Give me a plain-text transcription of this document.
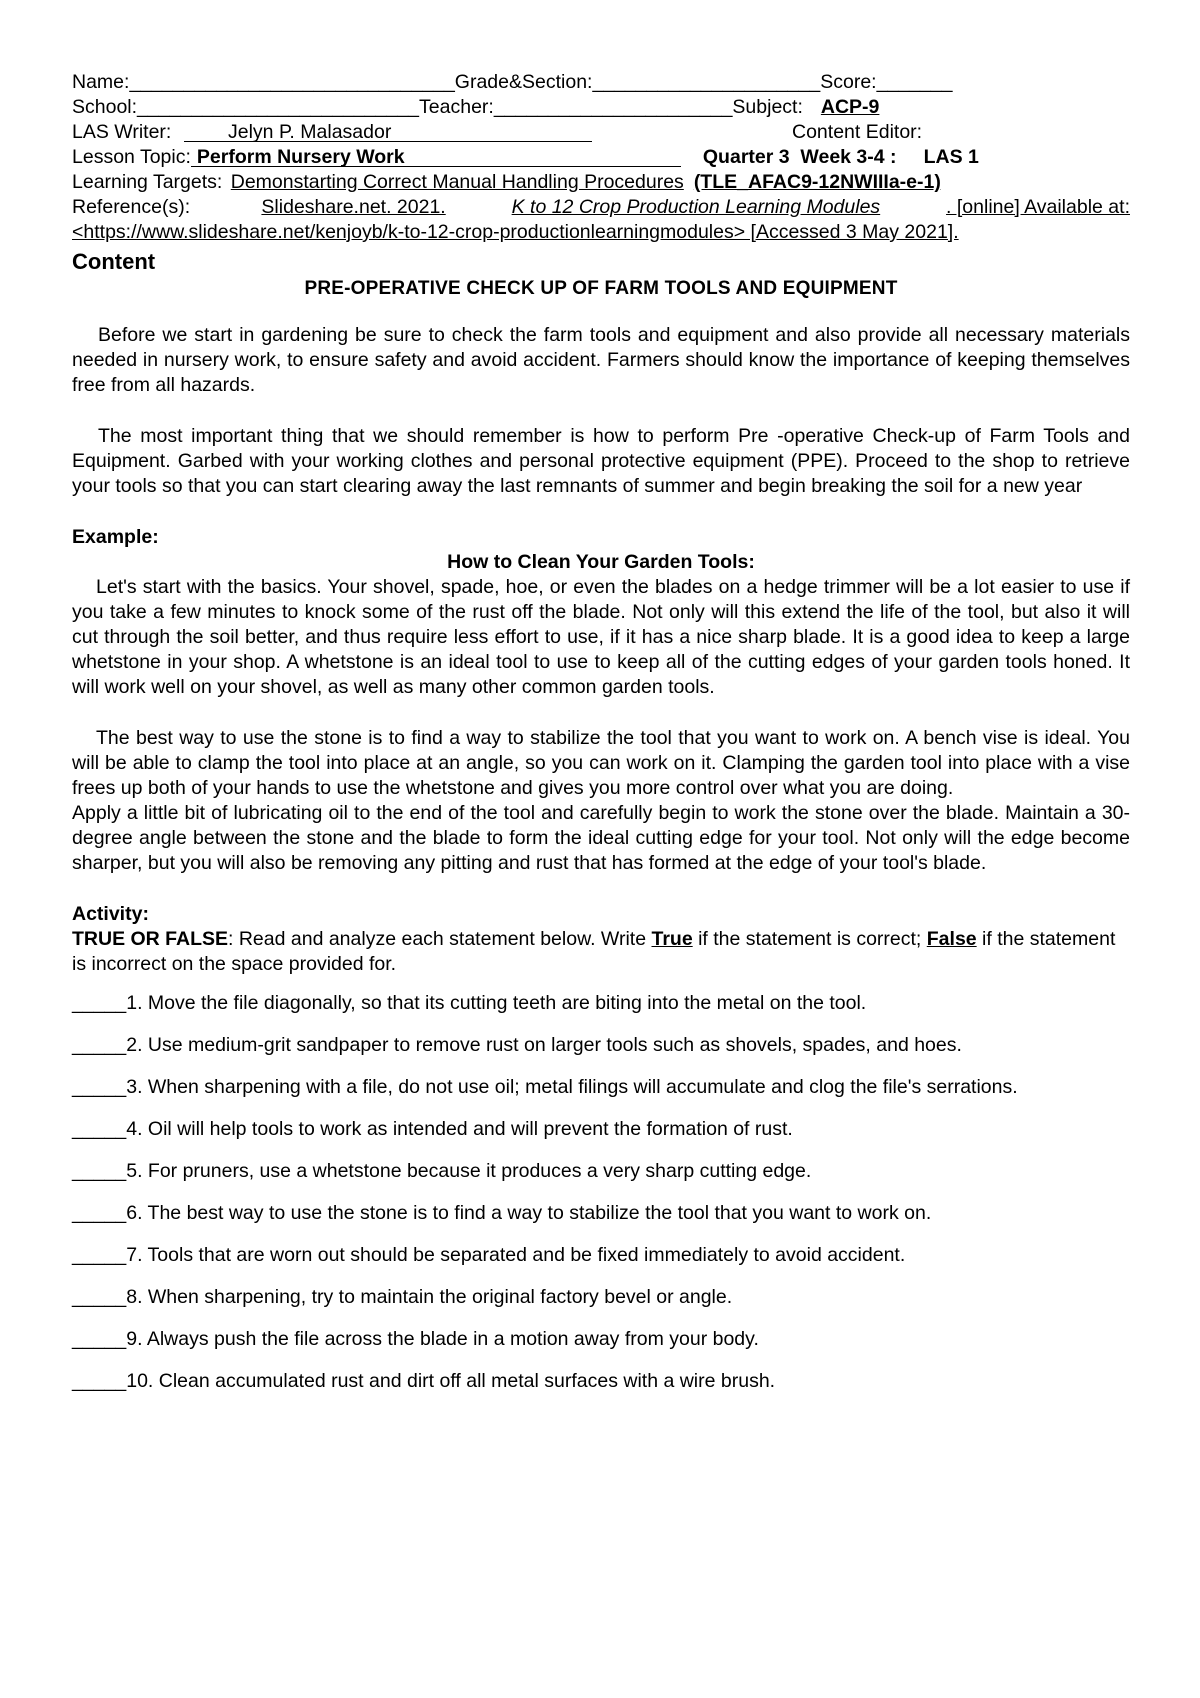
Name: ______________________________ Grade&Section: _____________________ Score: _______
School: __________________________ Teacher: ______________________ Subject: ACP-9
LAS Writer:	Jelyn P. Malasador	Content Editor:
Lesson Topic: Perform Nursery Work	Quarter 3  Week 3-4 :     LAS 1
Learning Targets: Demonstarting Correct Manual Handling Procedures (TLE_AFAC9-12NWIIIa-e-1)
Reference(s):	Slideshare.net. 2021.	K to 12 Crop Production Learning Modules	. [online] Available at:
<https://www.slideshare.net/kenjoyb/k-to-12-crop-productionlearningmodules> [Accessed 3 May 2021].
Content
PRE-OPERATIVE CHECK UP OF FARM TOOLS AND EQUIPMENT
Before we start in gardening be sure to check the farm tools and equipment and also provide all necessary materials needed in nursery work, to ensure safety and avoid accident. Farmers should know the importance of keeping themselves free from all hazards.
The most important thing that we should remember is how to perform Pre -operative Check-up of Farm Tools and Equipment. Garbed with your working clothes and personal protective equipment (PPE). Proceed to the shop to retrieve your tools so that you can start clearing away the last remnants of summer and begin breaking the soil for a new year
Example:
How to Clean Your Garden Tools:
Let's start with the basics. Your shovel, spade, hoe, or even the blades on a hedge trimmer will be a lot easier to use if you take a few minutes to knock some of the rust off the blade. Not only will this extend the life of the tool, but also it will cut through the soil better, and thus require less effort to use, if it has a nice sharp blade. It is a good idea to keep a large whetstone in your shop. A whetstone is an ideal tool to use to keep all of the cutting edges of your garden tools honed. It will work well on your shovel, as well as many other common garden tools.
The best way to use the stone is to find a way to stabilize the tool that you want to work on. A bench vise is ideal. You will be able to clamp the tool into place at an angle, so you can work on it. Clamping the garden tool into place with a vise frees up both of your hands to use the whetstone and gives you more control over what you are doing.
Apply a little bit of lubricating oil to the end of the tool and carefully begin to work the stone over the blade. Maintain a 30-degree angle between the stone and the blade to form the ideal cutting edge for your tool. Not only will the edge become sharper, but you will also be removing any pitting and rust that has formed at the edge of your tool's blade.
Activity:
TRUE OR FALSE: Read and analyze each statement below. Write True if the statement is correct; False if the statement is incorrect on the space provided for.
_____1. Move the file diagonally, so that its cutting teeth are biting into the metal on the tool.
_____2. Use medium-grit sandpaper to remove rust on larger tools such as shovels, spades, and hoes.
_____3. When sharpening with a file, do not use oil; metal filings will accumulate and clog the file's serrations.
_____4. Oil will help tools to work as intended and will prevent the formation of rust.
_____5. For pruners, use a whetstone because it produces a very sharp cutting edge.
_____6. The best way to use the stone is to find a way to stabilize the tool that you want to work on.
_____7. Tools that are worn out should be separated and be fixed immediately to avoid accident.
_____8. When sharpening, try to maintain the original factory bevel or angle.
_____9. Always push the file across the blade in a motion away from your body.
_____10. Clean accumulated rust and dirt off all metal surfaces with a wire brush.
